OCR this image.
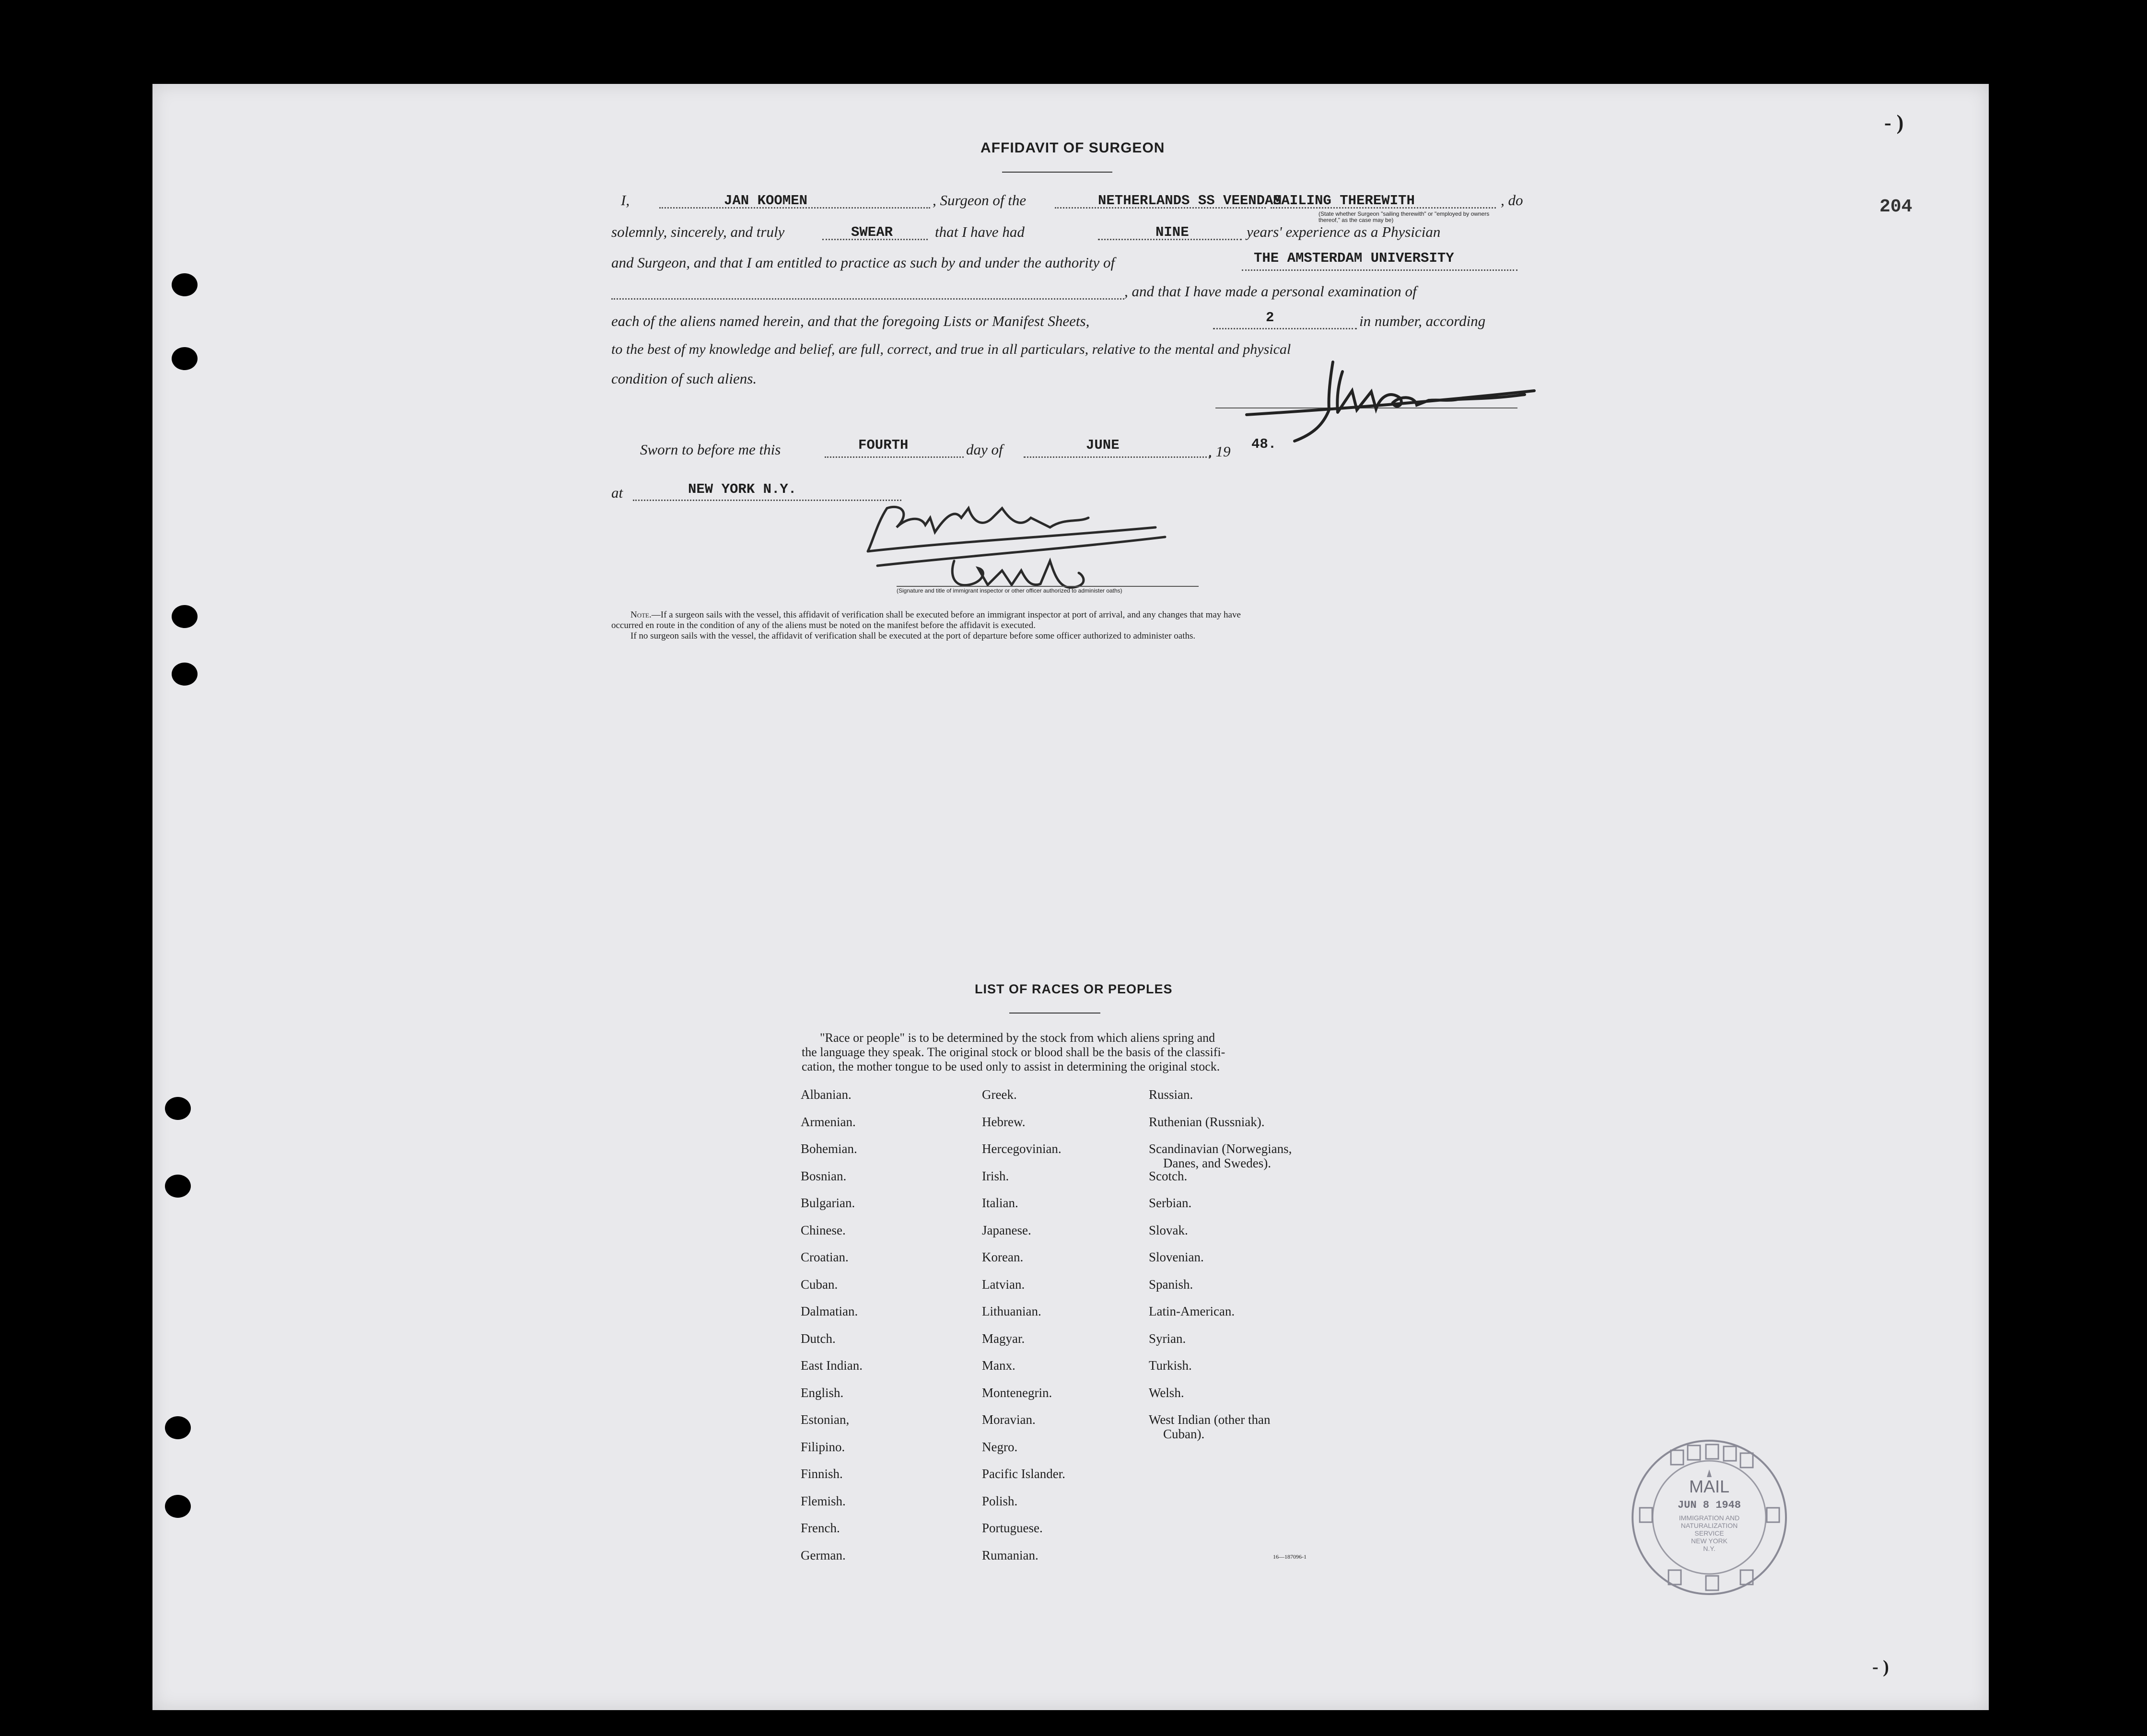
204
- )
- )
AFFIDAVIT OF SURGEON
I,	JAN KOOMEN	, Surgeon of the	NETHERLANDS SS VEENDAM
SAILING THEREWITH	, do
(State whether Surgeon "sailing therewith" or "employed by owners thereof," as the case may be)
solemnly, sincerely, and truly	SWEAR	that I have had	NINE	years' experience as a Physician
and Surgeon, and that I am entitled to practice as such by and under the authority of	THE AMSTERDAM UNIVERSITY
, and that I have made a personal examination of
each of the aliens named herein, and that the foregoing Lists or Manifest Sheets,	2	in number, according
to the best of my knowledge and belief, are full, correct, and true in all particulars, relative to the mental and physical
condition of such aliens.
Sworn to before me this	FOURTH	day of	JUNE	, 19 48.
at	NEW YORK N.Y.
(Signature and title of immigrant inspector or other officer authorized to administer oaths)
Note.—If a surgeon sails with the vessel, this affidavit of verification shall be executed before an immigrant inspector at port of arrival, and any changes that may have
occurred en route in the condition of any of the aliens must be noted on the manifest before the affidavit is executed.
If no surgeon sails with the vessel, the affidavit of verification shall be executed at the port of departure before some officer authorized to administer oaths.
LIST OF RACES OR PEOPLES
"Race or people" is to be determined by the stock from which aliens spring and
the language they speak. The original stock or blood shall be the basis of the classifi-
cation, the mother tongue to be used only to assist in determining the original stock.
Albanian.
Armenian.
Bohemian.
Bosnian.
Bulgarian.
Chinese.
Croatian.
Cuban.
Dalmatian.
Dutch.
East Indian.
English.
Estonian,
Filipino.
Finnish.
Flemish.
French.
German.
Greek.
Hebrew.
Hercegovinian.
Irish.
Italian.
Japanese.
Korean.
Latvian.
Lithuanian.
Magyar.
Manx.
Montenegrin.
Moravian.
Negro.
Pacific Islander.
Polish.
Portuguese.
Rumanian.
Russian.
Ruthenian (Russniak).
Scandinavian (Norwegians,
Danes, and Swedes).
Scotch.
Serbian.
Slovak.
Slovenian.
Spanish.
Latin-American.
Syrian.
Turkish.
Welsh.
West Indian (other than
Cuban).
16—187096-1
MAIL
JUN 8 1948
IMMIGRATION AND
NATURALIZATION
SERVICE
NEW YORK
N.Y.
